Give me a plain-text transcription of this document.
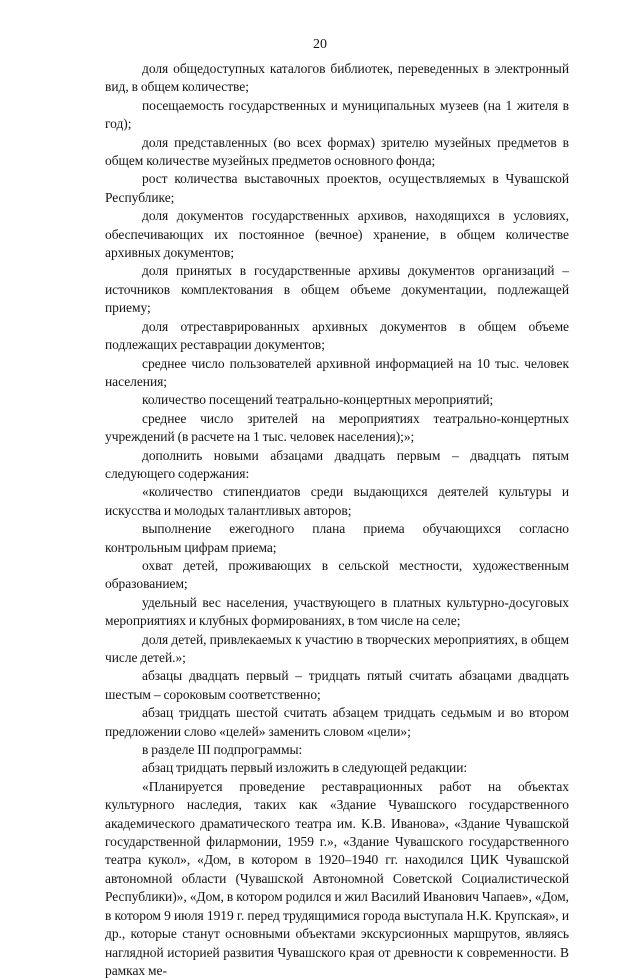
20

доля общедоступных каталогов библиотек, переведенных в электронный вид, в общем количестве;

посещаемость государственных и муниципальных музеев (на 1 жителя в год);

доля представленных (во всех формах) зрителю музейных предметов в общем количестве музейных предметов основного фонда;

рост количества выставочных проектов, осуществляемых в Чувашской Республике;

доля документов государственных архивов, находящихся в условиях, обеспечивающих их постоянное (вечное) хранение, в общем количестве архивных документов;

доля принятых в государственные архивы документов организаций – источников комплектования в общем объеме документации, подлежащей приему;

доля отреставрированных архивных документов в общем объеме подлежащих реставрации документов;

среднее число пользователей архивной информацией на 10 тыс. человек населения;

количество посещений театрально-концертных мероприятий;

среднее число зрителей на мероприятиях театрально-концертных учреждений (в расчете на 1 тыс. человек населения);»;

дополнить новыми абзацами двадцать первым – двадцать пятым следующего содержания:

«количество стипендиатов среди выдающихся деятелей культуры и искусства и молодых талантливых авторов;

выполнение ежегодного плана приема обучающихся согласно контрольным цифрам приема;

охват детей, проживающих в сельской местности, художественным образованием;

удельный вес населения, участвующего в платных культурно-досуговых мероприятиях и клубных формированиях, в том числе на селе;

доля детей, привлекаемых к участию в творческих мероприятиях, в общем числе детей.»;

абзацы двадцать первый – тридцать пятый считать абзацами двадцать шестым – сороковым соответственно;

абзац тридцать шестой считать абзацем тридцать седьмым и во втором предложении слово «целей» заменить словом «цели»;

в разделе III подпрограммы:

абзац тридцать первый изложить в следующей редакции:

«Планируется проведение реставрационных работ на объектах культурного наследия, таких как «Здание Чувашского государственного академического драматического театра им. К.В. Иванова», «Здание Чувашской государственной филармонии, 1959 г.», «Здание Чувашского государственного театра кукол», «Дом, в котором в 1920–1940 гг. находился ЦИК Чувашской автономной области (Чувашской Автономной Советской Социалистической Республики)», «Дом, в котором родился и жил Василий Иванович Чапаев», «Дом, в котором 9 июля 1919 г. перед трудящимися города выступала Н.К. Крупская», и др., которые станут основными объектами экскурсионных маршрутов, являясь наглядной историей развития Чувашского края от древности к современности. В рамках ме-
